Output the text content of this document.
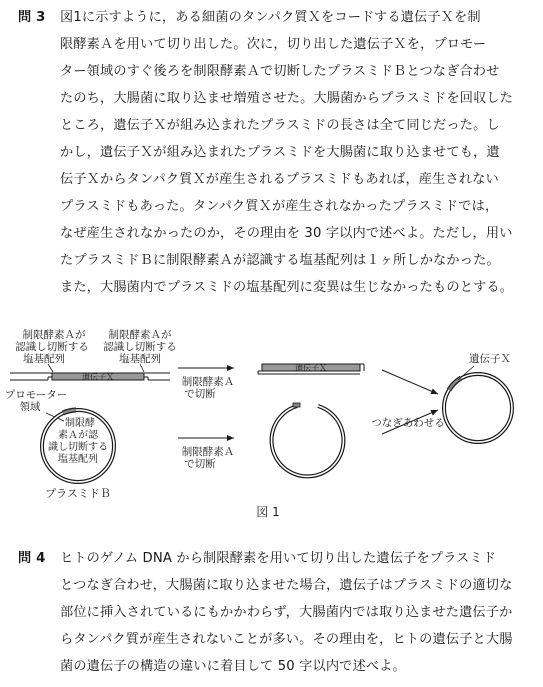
問 3	図1に示すように，ある細菌のタンパク質Ｘをコードする遺伝子Ｘを制
限酵素Ａを用いて切り出した。次に，切り出した遺伝子Ｘを，プロモー
ター領域のすぐ後ろを制限酵素Ａで切断したプラスミドＢとつなぎ合わせ
たのち，大腸菌に取り込ませ増殖させた。大腸菌からプラスミドを回収した
ところ，遺伝子Ｘが組み込まれたプラスミドの長さは全て同じだった。し
かし，遺伝子Ｘが組み込まれたプラスミドを大腸菌に取り込ませても，遺
伝子Ｘからタンパク質Ｘが産生されるプラスミドもあれば，産生されない
プラスミドもあった。タンパク質Ｘが産生されなかったプラスミドでは，
なぜ産生されなかったのか，その理由を 30 字以内で述べよ。ただし，用い
たプラスミドＢに制限酵素Ａが認識する塩基配列は１ヶ所しかなかった。
また，大腸菌内でプラスミドの塩基配列に変異は生じなかったものとする。
制限酵素Ａが
認識し切断する
塩基配列
制限酵素Ａが
認識し切断する
塩基配列
遺伝子Ｘ
プロモーター
領域
制限酵
素Ａが認
識し切断する
塩基配列
プラスミドＢ
制限酵素Ａ
で切断
制限酵素Ａ
で切断
遺伝子Ｘ
つなぎあわせる
遺伝子Ｘ
図 1
問 4	ヒトのゲノム DNA から制限酵素を用いて切り出した遺伝子をプラスミド
とつなぎ合わせ，大腸菌に取り込ませた場合，遺伝子はプラスミドの適切な
部位に挿入されているにもかかわらず，大腸菌内では取り込ませた遺伝子か
らタンパク質が産生されないことが多い。その理由を，ヒトの遺伝子と大腸
菌の遺伝子の構造の違いに着目して 50 字以内で述べよ。
